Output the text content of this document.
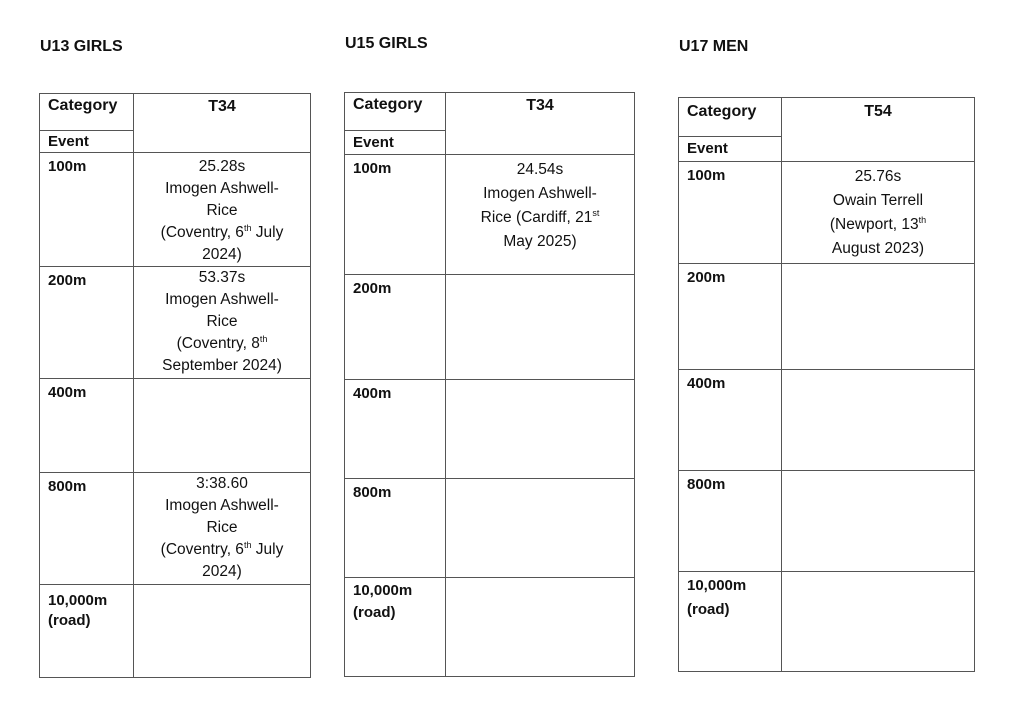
U13 GIRLS
Category	T34
Event	
100m	25.28s
Imogen Ashwell-
Rice
(Coventry, 6th July
2024)

200m	53.37s
Imogen Ashwell-
Rice
(Coventry, 8th
September 2024)

400m	
800m	3:38.60
Imogen Ashwell-
Rice
(Coventry, 6th July
2024)

10,000m
(road)	

U15 GIRLS
Category	T34
Event	
100m	24.54s
Imogen Ashwell-
Rice (Cardiff, 21st
May 2025)

200m	
400m	
800m	

10,000m
(road)	

U17 MEN
Category	T54
Event	
100m	25.76s
Owain Terrell
(Newport, 13th
August 2023)

200m	
400m	
800m	

10,000m
(road)	
